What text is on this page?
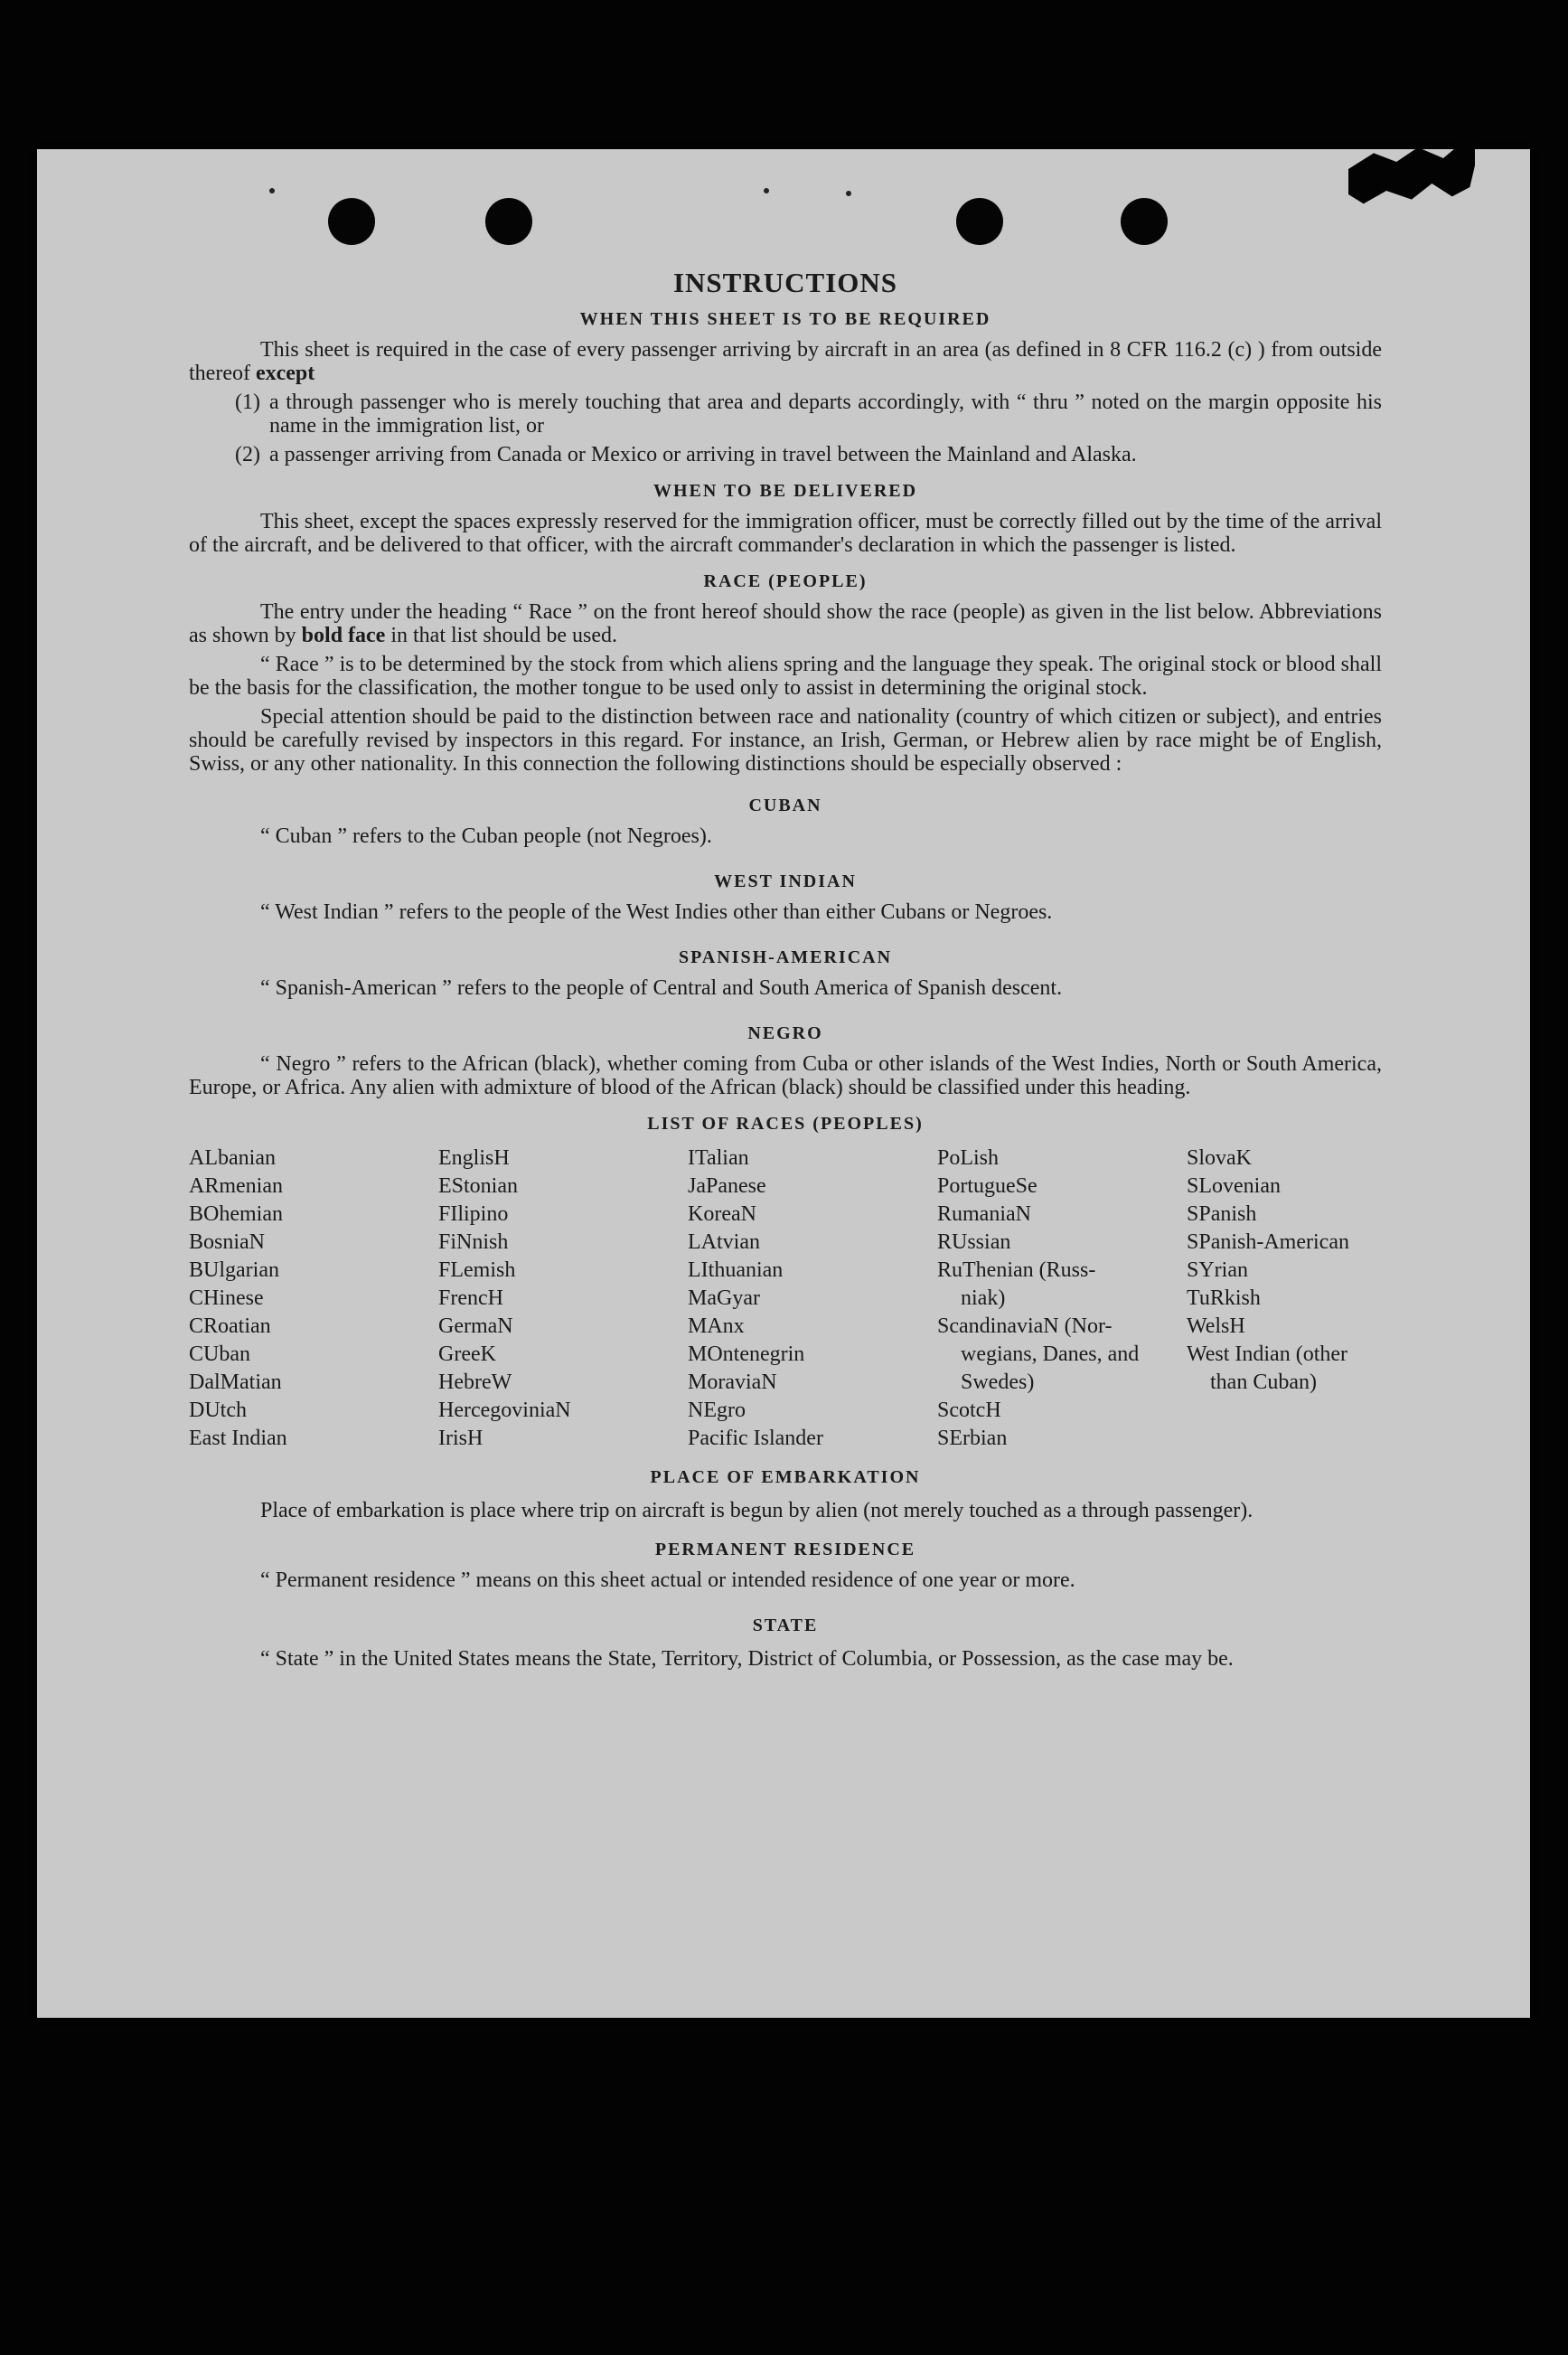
INSTRUCTIONS
WHEN THIS SHEET IS TO BE REQUIRED

This sheet is required in the case of every passenger arriving by aircraft in an area (as defined in 8 CFR 116.2 (c) ) from outside thereof except

(1) a through passenger who is merely touching that area and departs accordingly, with “ thru ” noted on the margin opposite his name in the immigration list, or
(2) a passenger arriving from Canada or Mexico or arriving in travel between the Mainland and Alaska.
WHEN TO BE DELIVERED

This sheet, except the spaces expressly reserved for the immigration officer, must be correctly filled out by the time of the arrival of the aircraft, and be delivered to that officer, with the aircraft commander's declaration in which the passenger is listed.

RACE (PEOPLE)

The entry under the heading “ Race ” on the front hereof should show the race (people) as given in the list below. Abbreviations as shown by bold face in that list should be used.

“ Race ” is to be determined by the stock from which aliens spring and the language they speak. The original stock or blood shall be the basis for the classification, the mother tongue to be used only to assist in determining the original stock.

Special attention should be paid to the distinction between race and nationality (country of which citizen or subject), and entries should be carefully revised by inspectors in this regard. For instance, an Irish, German, or Hebrew alien by race might be of English, Swiss, or any other nationality. In this connection the following distinctions should be especially observed :

CUBAN

“ Cuban ” refers to the Cuban people (not Negroes).

WEST INDIAN

“ West Indian ” refers to the people of the West Indies other than either Cubans or Negroes.

SPANISH-AMERICAN

“ Spanish-American ” refers to the people of Central and South America of Spanish descent.

NEGRO

“ Negro ” refers to the African (black), whether coming from Cuba or other islands of the West Indies, North or South America, Europe, or Africa. Any alien with admixture of blood of the African (black) should be classified under this heading.

LIST OF RACES (PEOPLES)
ALbanian
ARmenian
BOhemian
BosniaN
BUlgarian
CHinese
CRoatian
CUban
DalMatian
DUtch
East Indian
EnglisH
EStonian
FIlipino
FiNnish
FLemish
FrencH
GermaN
GreeK
HebreW
HercegoviniaN
IrisH
ITalian
JaPanese
KoreaN
LAtvian
LIthuanian
MaGyar
MAnx
MOntenegrin
MoraviaN
NEgro
Pacific Islander
PoLish
PortugueSe
RumaniaN
RUssian
RuThenian (Russ-
niak)
ScandinaviaN (Nor-
wegians, Danes, and Swedes)
ScotcH
SErbian
SlovaK
SLovenian
SPanish
SPanish-American
SYrian
TuRkish
WelsH
West Indian (other
than Cuban)
PLACE OF EMBARKATION

Place of embarkation is place where trip on aircraft is begun by alien (not merely touched as a through passenger).

PERMANENT RESIDENCE

“ Permanent residence ” means on this sheet actual or intended residence of one year or more.

STATE

“ State ” in the United States means the State, Territory, District of Columbia, or Possession, as the case may be.
